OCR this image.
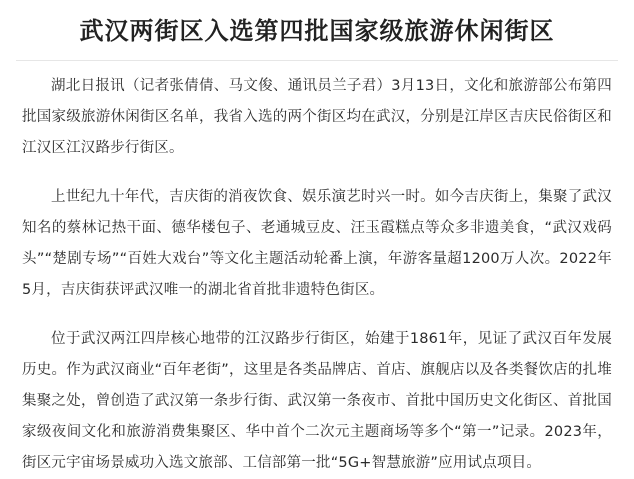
武汉两街区入选第四批国家级旅游休闲街区

湖北日报讯（记者张倩倩、马文俊、通讯员兰子君）3月13日，文化和旅游部公布第四批国家级旅游休闲街区名单，我省入选的两个街区均在武汉，分别是江岸区吉庆民俗街区和江汉区江汉路步行街区。

上世纪九十年代，吉庆街的消夜饮食、娱乐演艺时兴一时。如今吉庆街上，集聚了武汉知名的蔡林记热干面、德华楼包子、老通城豆皮、汪玉霞糕点等众多非遗美食，“武汉戏码头”“楚剧专场”“百姓大戏台”等文化主题活动轮番上演，年游客量超1200万人次。2022年5月，吉庆街获评武汉唯一的湖北省首批非遗特色街区。

位于武汉两江四岸核心地带的江汉路步行街区，始建于1861年，见证了武汉百年发展历史。作为武汉商业“百年老街”，这里是各类品牌店、首店、旗舰店以及各类餐饮店的扎堆集聚之处，曾创造了武汉第一条步行街、武汉第一条夜市、首批中国历史文化街区、首批国家级夜间文化和旅游消费集聚区、华中首个二次元主题商场等多个“第一”记录。2023年，街区元宇宙场景威功入选文旅部、工信部第一批“5G+智慧旅游”应用试点项目。
